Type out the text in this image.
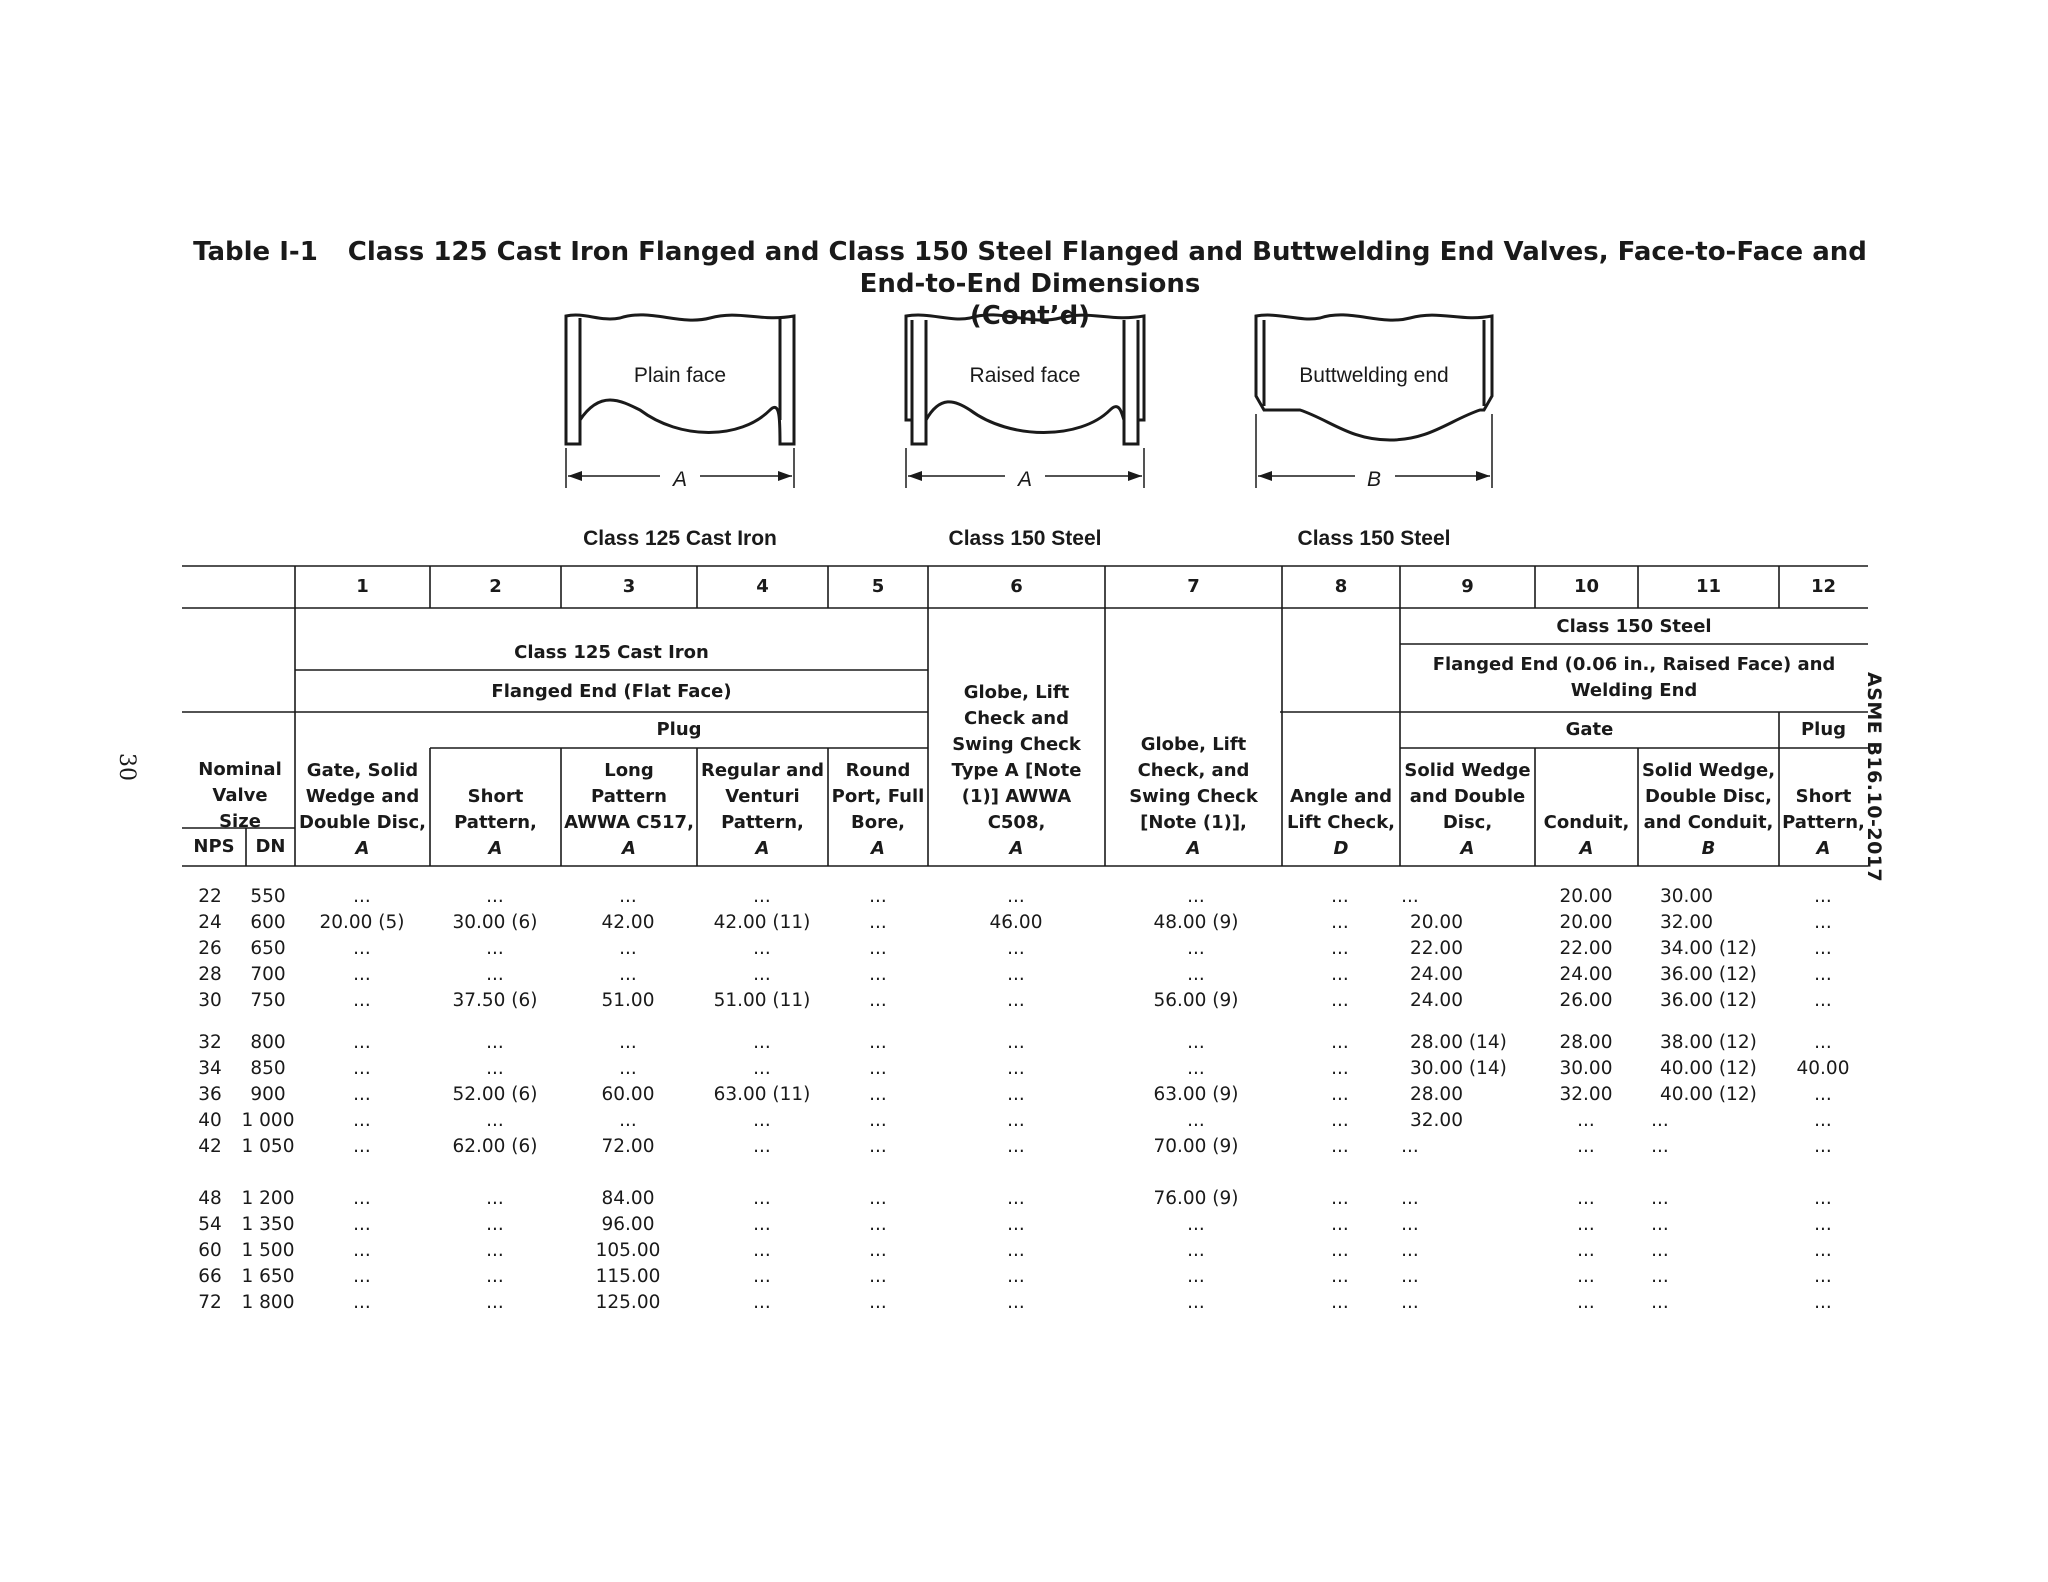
Table I-1 Class 125 Cast Iron Flanged and Class 150 Steel Flanged and Buttwelding End Valves, Face-to-Face and End-to-End Dimensions
(Cont’d)
Plain face	Raised face	Buttwelding end
A	A	B
Class 125 Cast Iron	Class 150 Steel	Class 150 Steel
30	ASME B16.10-2017
1	2	3	4	5	6	7	8	9	10	11	12
Class 125 Cast Iron
Flanged End (Flat Face)
Class 150 Steel
Flanged End (0.06 in., Raised Face) and Welding End
Plug	Gate	Plug
Nominal Valve Size
NPS	DN
Gate, Solid Wedge and Double Disc,
A
Short Pattern,
A
Long Pattern AWWA C517,
A
Regular and Venturi Pattern,
A
Round Port, Full Bore,
A
Globe, Lift Check and Swing Check Type A [Note (1)] AWWA C508,
A
Globe, Lift Check, and Swing Check [Note (1)],
A
Angle and Lift Check,
D
Solid Wedge and Double Disc,
A
Conduit,
A
Solid Wedge, Double Disc, and Conduit,
B
Short Pattern,
A
22	550	...	...	...	...	...	...	...	...	...	20.00	30.00	...
24	600	20.00 (5)	30.00 (6)	42.00	42.00 (11)	...	46.00	48.00 (9)	...	20.00	20.00	32.00	...
26	650	...	...	...	...	...	...	...	...	22.00	22.00	34.00 (12)	...
28	700	...	...	...	...	...	...	...	...	24.00	24.00	36.00 (12)	...
30	750	...	37.50 (6)	51.00	51.00 (11)	...	...	56.00 (9)	...	24.00	26.00	36.00 (12)	...
32	800	...	...	...	...	...	...	...	...	28.00 (14)	28.00	38.00 (12)	...
34	850	...	...	...	...	...	...	...	...	30.00 (14)	30.00	40.00 (12)	40.00
36	900	...	52.00 (6)	60.00	63.00 (11)	...	...	63.00 (9)	...	28.00	32.00	40.00 (12)	...
40	1 000	...	...	...	...	...	...	...	...	32.00	...	...	...
42	1 050	...	62.00 (6)	72.00	...	...	...	70.00 (9)	...	...	...	...	...
48	1 200	...	...	84.00	...	...	...	76.00 (9)	...	...	...	...	...
54	1 350	...	...	96.00	...	...	...	...	...	...	...	...	...
60	1 500	...	...	105.00	...	...	...	...	...	...	...	...	...
66	1 650	...	...	115.00	...	...	...	...	...	...	...	...	...
72	1 800	...	...	125.00	...	...	...	...	...	...	...	...	...
